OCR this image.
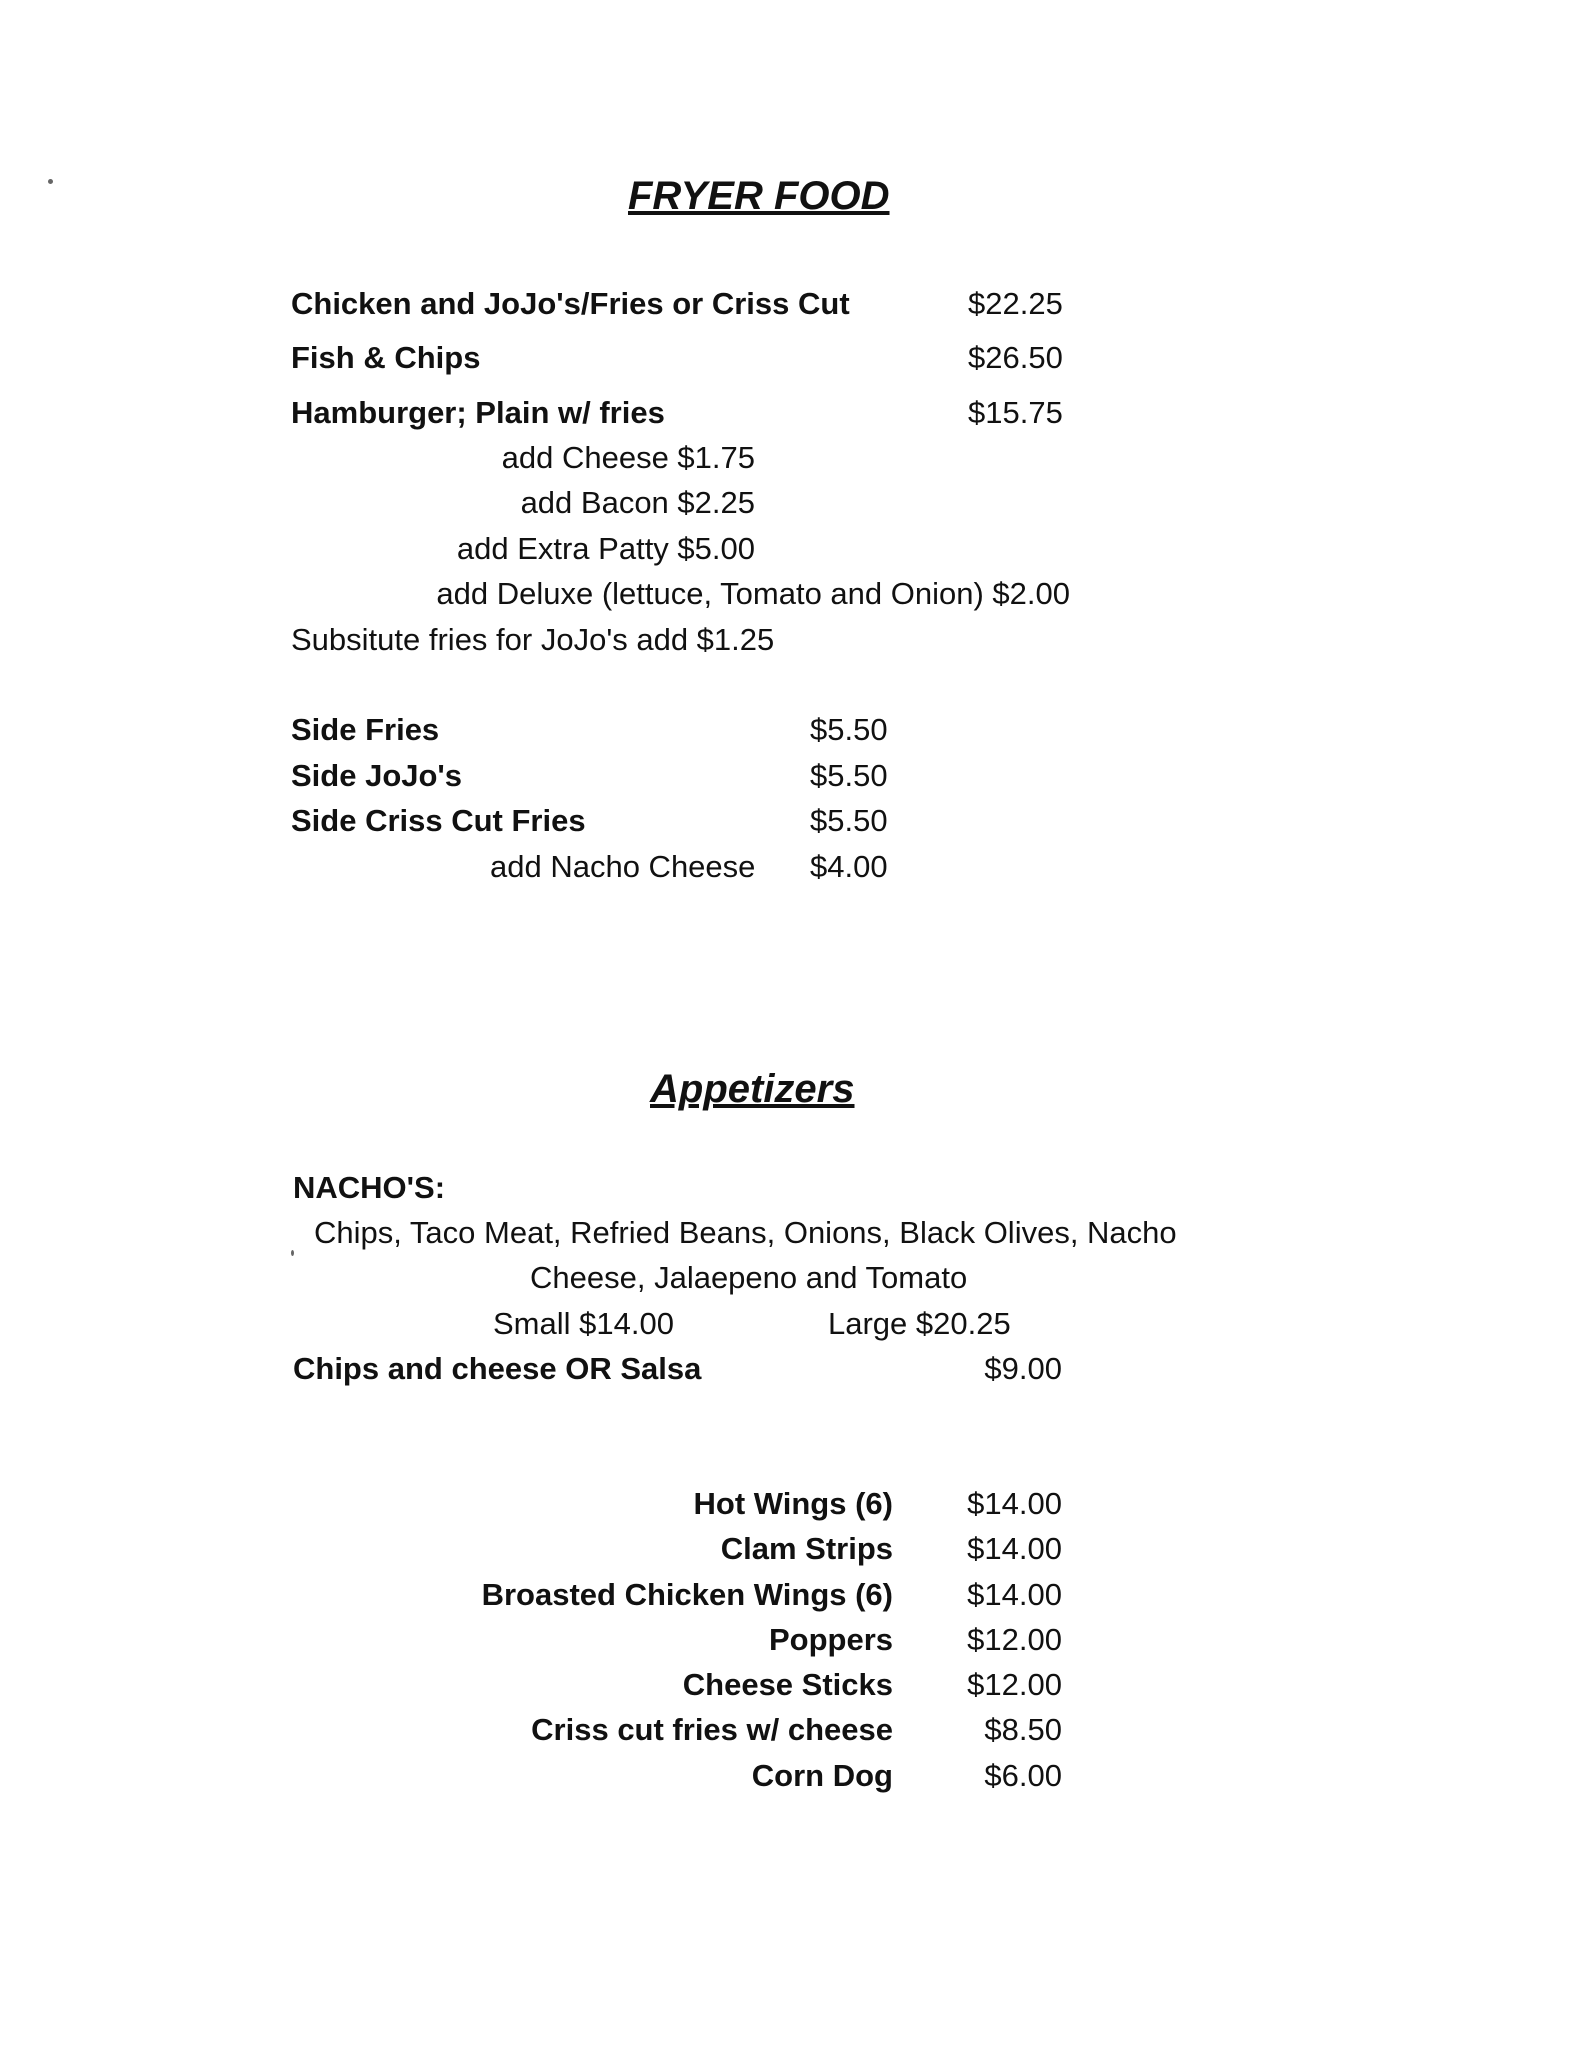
FRYER FOOD
Chicken and JoJo's/Fries or Criss Cut	$22.25
Fish & Chips	$26.50
Hamburger; Plain w/ fries	$15.75
add Cheese $1.75
add Bacon $2.25
add Extra Patty $5.00
add Deluxe (lettuce, Tomato and Onion) $2.00
Subsitute fries for JoJo's add $1.25
Side Fries	$5.50
Side JoJo's	$5.50
Side Criss Cut Fries	$5.50
add Nacho Cheese $4.00
Appetizers
NACHO'S:
Chips, Taco Meat, Refried Beans, Onions, Black Olives, Nacho
Cheese, Jalaepeno and Tomato
Small $14.00	Large $20.25
Chips and cheese OR Salsa	$9.00
Hot Wings (6) $14.00
Clam Strips $14.00
Broasted Chicken Wings (6) $14.00
Poppers $12.00
Cheese Sticks $12.00
Criss cut fries w/ cheese	$8.50
Corn Dog	$6.00
